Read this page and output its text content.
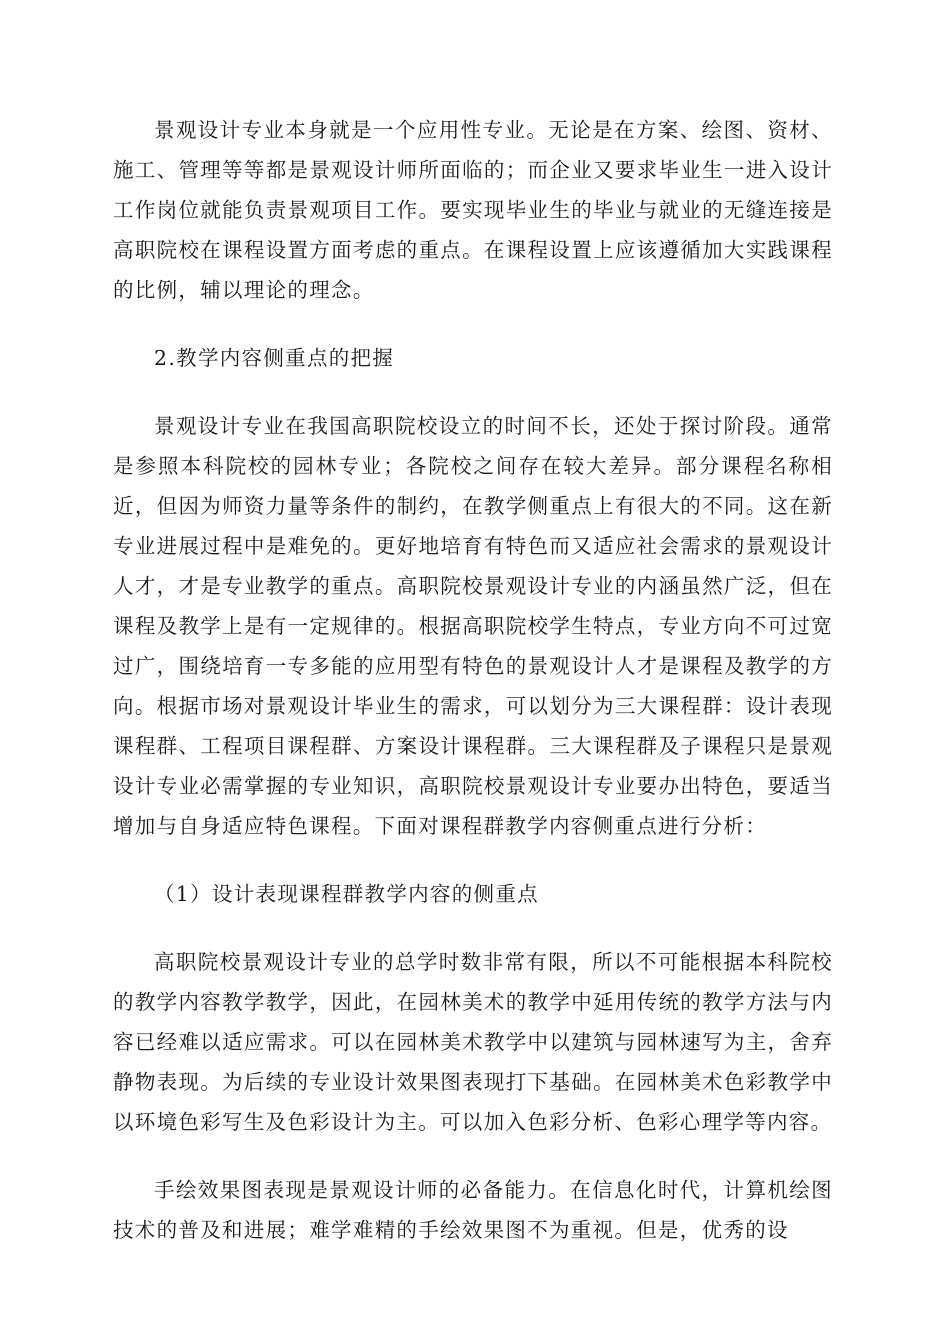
景观设计专业本身就是一个应用性专业。无论是在方案、绘图、资材、施工、管理等等都是景观设计师所面临的；而企业又要求毕业生一进入设计工作岗位就能负责景观项目工作。要实现毕业生的毕业与就业的无缝连接是高职院校在课程设置方面考虑的重点。在课程设置上应该遵循加大实践课程的比例，辅以理论的理念。

2.教学内容侧重点的把握

景观设计专业在我国高职院校设立的时间不长，还处于探讨阶段。通常是参照本科院校的园林专业；各院校之间存在较大差异。部分课程名称相近，但因为师资力量等条件的制约，在教学侧重点上有很大的不同。这在新专业进展过程中是难免的。更好地培育有特色而又适应社会需求的景观设计人才，才是专业教学的重点。高职院校景观设计专业的内涵虽然广泛，但在课程及教学上是有一定规律的。根据高职院校学生特点，专业方向不可过宽过广，围绕培育一专多能的应用型有特色的景观设计人才是课程及教学的方向。根据市场对景观设计毕业生的需求，可以划分为三大课程群：设计表现课程群、工程项目课程群、方案设计课程群。三大课程群及子课程只是景观设计专业必需掌握的专业知识，高职院校景观设计专业要办出特色，要适当增加与自身适应特色课程。下面对课程群教学内容侧重点进行分析：

（1）设计表现课程群教学内容的侧重点

高职院校景观设计专业的总学时数非常有限，所以不可能根据本科院校的教学内容教学教学，因此，在园林美术的教学中延用传统的教学方法与内容已经难以适应需求。可以在园林美术教学中以建筑与园林速写为主，舍弃静物表现。为后续的专业设计效果图表现打下基础。在园林美术色彩教学中以环境色彩写生及色彩设计为主。可以加入色彩分析、色彩心理学等内容。

手绘效果图表现是景观设计师的必备能力。在信息化时代，计算机绘图技术的普及和进展；难学难精的手绘效果图不为重视。但是，优秀的设
